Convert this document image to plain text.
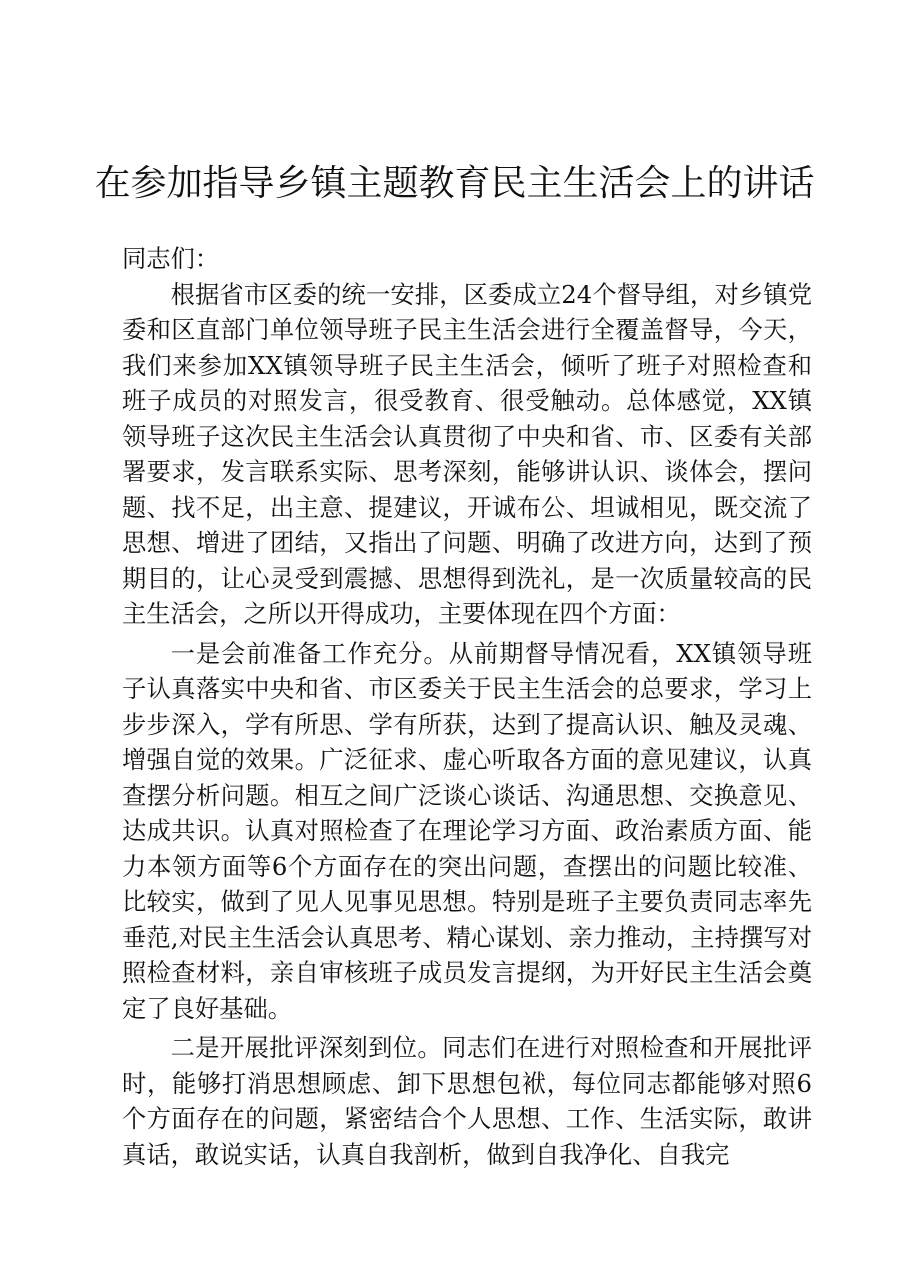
在参加指导乡镇主题教育民主生活会上的讲话

同志们：

根据省市区委的统一安排，区委成立24个督导组，对乡镇党委和区直部门单位领导班子民主生活会进行全覆盖督导，今天，我们来参加XX镇领导班子民主生活会，倾听了班子对照检查和班子成员的对照发言，很受教育、很受触动。总体感觉，XX镇领导班子这次民主生活会认真贯彻了中央和省、市、区委有关部署要求，发言联系实际、思考深刻，能够讲认识、谈体会，摆问题、找不足，出主意、提建议，开诚布公、坦诚相见，既交流了思想、增进了团结，又指出了问题、明确了改进方向，达到了预期目的，让心灵受到震撼、思想得到洗礼，是一次质量较高的民主生活会，之所以开得成功，主要体现在四个方面：

一是会前准备工作充分。从前期督导情况看，XX镇领导班子认真落实中央和省、市区委关于民主生活会的总要求，学习上步步深入，学有所思、学有所获，达到了提高认识、触及灵魂、增强自觉的效果。广泛征求、虚心听取各方面的意见建议，认真查摆分析问题。相互之间广泛谈心谈话、沟通思想、交换意见、达成共识。认真对照检查了在理论学习方面、政治素质方面、能力本领方面等6个方面存在的突出问题，查摆出的问题比较准、比较实，做到了见人见事见思想。特别是班子主要负责同志率先垂范,对民主生活会认真思考、精心谋划、亲力推动，主持撰写对照检查材料，亲自审核班子成员发言提纲，为开好民主生活会奠定了良好基础。

二是开展批评深刻到位。同志们在进行对照检查和开展批评时，能够打消思想顾虑、卸下思想包袱，每位同志都能够对照6个方面存在的问题，紧密结合个人思想、工作、生活实际，敢讲真话，敢说实话，认真自我剖析，做到自我净化、自我完
